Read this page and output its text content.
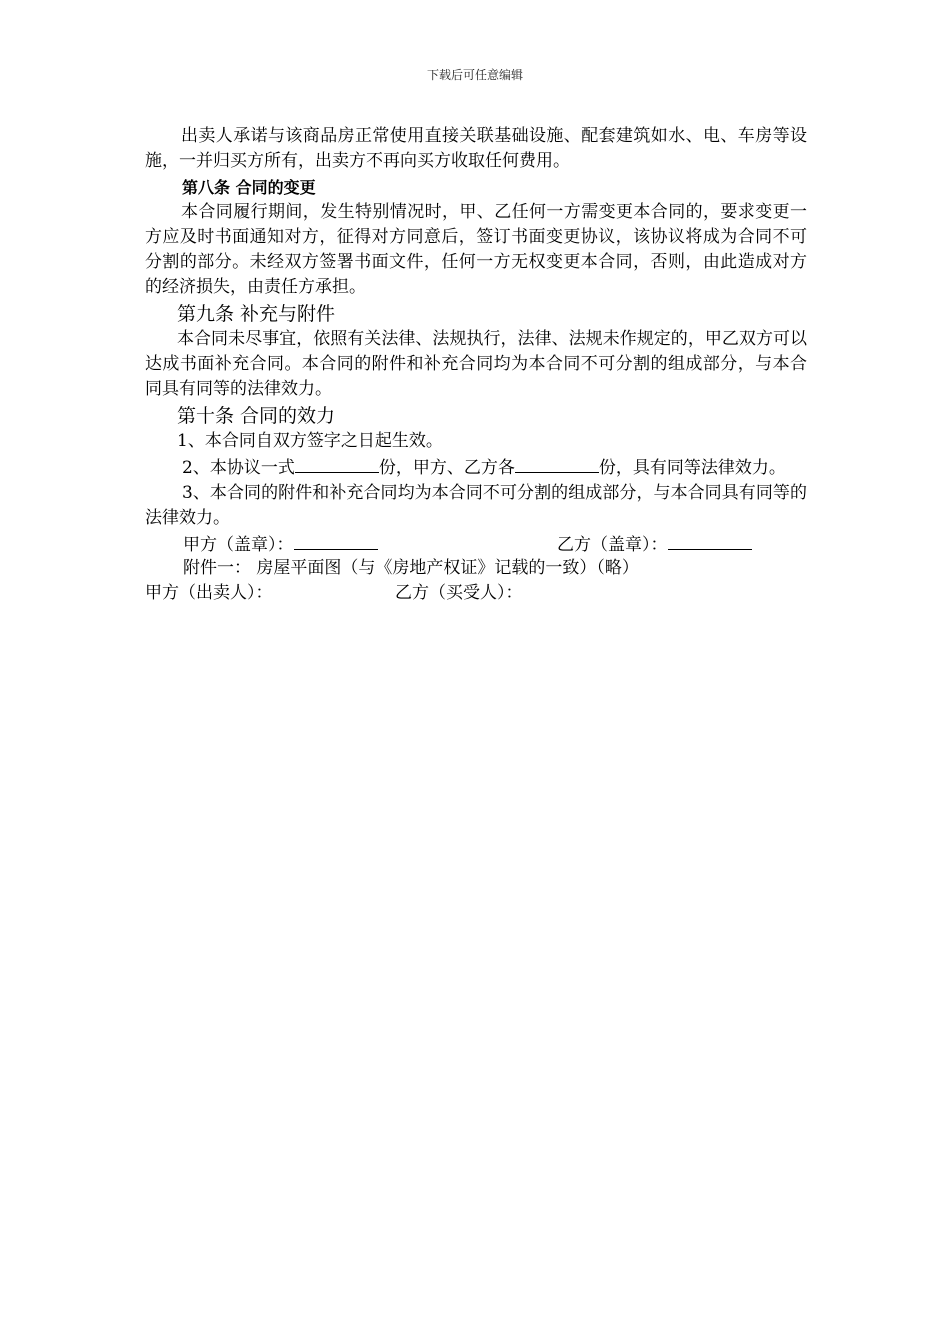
下载后可任意编辑

出卖人承诺与该商品房正常使用直接关联基础设施、配套建筑如水、电、车房等设施，一并归买方所有，出卖方不再向买方收取任何费用。

第八条 合同的变更

本合同履行期间，发生特别情况时，甲、乙任何一方需变更本合同的，要求变更一方应及时书面通知对方，征得对方同意后，签订书面变更协议，该协议将成为合同不可分割的部分。未经双方签署书面文件，任何一方无权变更本合同，否则，由此造成对方的经济损失，由责任方承担。

第九条 补充与附件

本合同未尽事宜，依照有关法律、法规执行，法律、法规未作规定的，甲乙双方可以达成书面补充合同。本合同的附件和补充合同均为本合同不可分割的组成部分，与本合同具有同等的法律效力。

第十条 合同的效力

1、本合同自双方签字之日起生效。

2、本协议一式	份，甲方、乙方各	份，具有同等法律效力。

3、本合同的附件和补充合同均为本合同不可分割的组成部分，与本合同具有同等的法律效力。

甲方（盖章）：	乙方（盖章）：

附件一： 房屋平面图（与《房地产权证》记载的一致）（略）

甲方（出卖人）：	乙方（买受人）：
